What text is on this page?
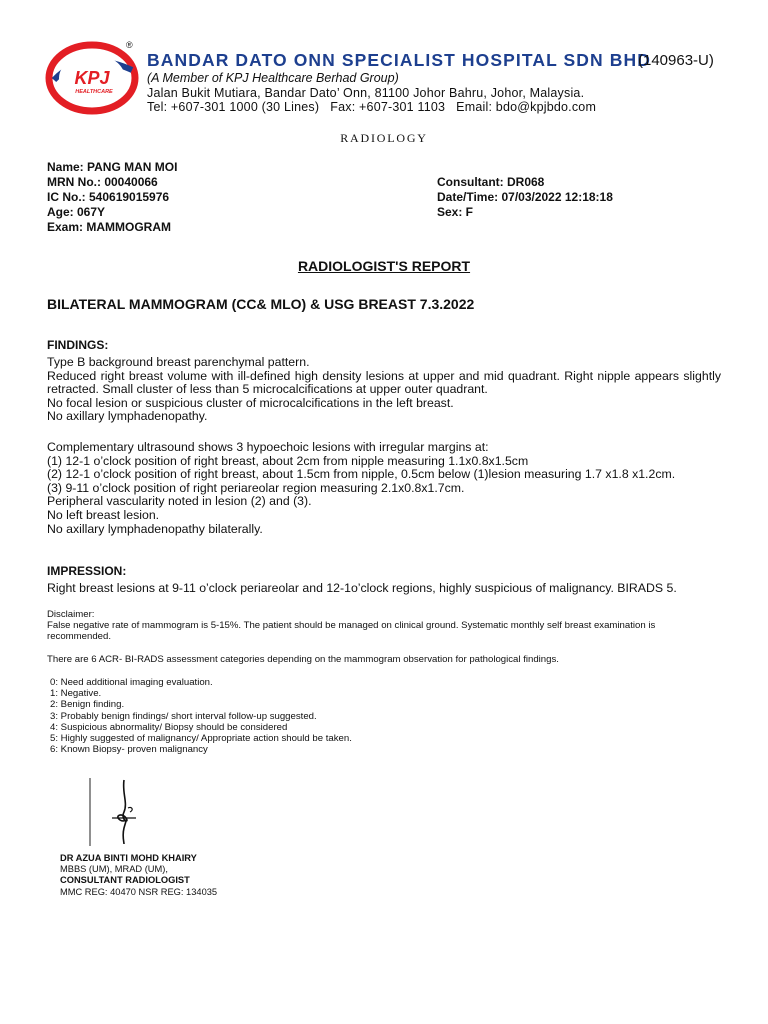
KPJ
HEALTHCARE
®
BANDAR DATO ONN SPECIALIST HOSPITAL SDN BHD
(140963-U)
(A Member of KPJ Healthcare Berhad Group)
Jalan Bukit Mutiara, Bandar Dato’ Onn, 81100 Johor Bahru, Johor, Malaysia.
Tel: +607-301 1000 (30 Lines)   Fax: +607-301 1103   Email: bdo@kpjbdo.com
RADIOLOGY
Name: PANG MAN MOI
MRN No.: 00040066
IC No.: 540619015976
Age: 067Y
Exam: MAMMOGRAM
Consultant: DR068
Date/Time: 07/03/2022 12:18:18
Sex: F
RADIOLOGIST'S REPORT
BILATERAL MAMMOGRAM (CC& MLO) & USG BREAST 7.3.2022
FINDINGS:

Type B background breast parenchymal pattern.

Reduced right breast volume with ill-defined high density lesions at upper and mid quadrant. Right nipple appears slightly retracted. Small cluster of less than 5 microcalcifications at upper outer quadrant.

No focal lesion or suspicious cluster of microcalcifications in the left breast.

No axillary lymphadenopathy.

Complementary ultrasound shows 3 hypoechoic lesions with irregular margins at:

(1) 12-1 o’clock position of right breast, about 2cm from nipple measuring 1.1x0.8x1.5cm

(2) 12-1 o’clock position of right breast, about 1.5cm from nipple, 0.5cm below (1)lesion measuring 1.7 x1.8 x1.2cm.

(3) 9-11 o’clock position of right periareolar region measuring 2.1x0.8x1.7cm.

Peripheral vascularity noted in lesion (2) and (3).

No left breast lesion.

No axillary lymphadenopathy bilaterally.

IMPRESSION:
Right breast lesions at 9-11 o’clock periareolar and 12-1o’clock regions, highly suspicious of malignancy. BIRADS 5.

Disclaimer:

False negative rate of mammogram is 5-15%. The patient should be managed on clinical ground. Systematic monthly self breast examination is recommended.

There are 6 ACR- BI-RADS assessment categories depending on the mammogram observation for pathological findings.
0: Need additional imaging evaluation.
1: Negative.
2: Benign finding.
3: Probably benign findings/ short interval follow-up suggested.
4: Suspicious abnormality/ Biopsy should be considered
5: Highly suggested of malignancy/ Appropriate action should be taken.
6: Known Biopsy- proven malignancy
DR AZUA BINTI MOHD KHAIRY
MBBS (UM), MRAD (UM),
CONSULTANT RADIOLOGIST
MMC REG: 40470 NSR REG: 134035
